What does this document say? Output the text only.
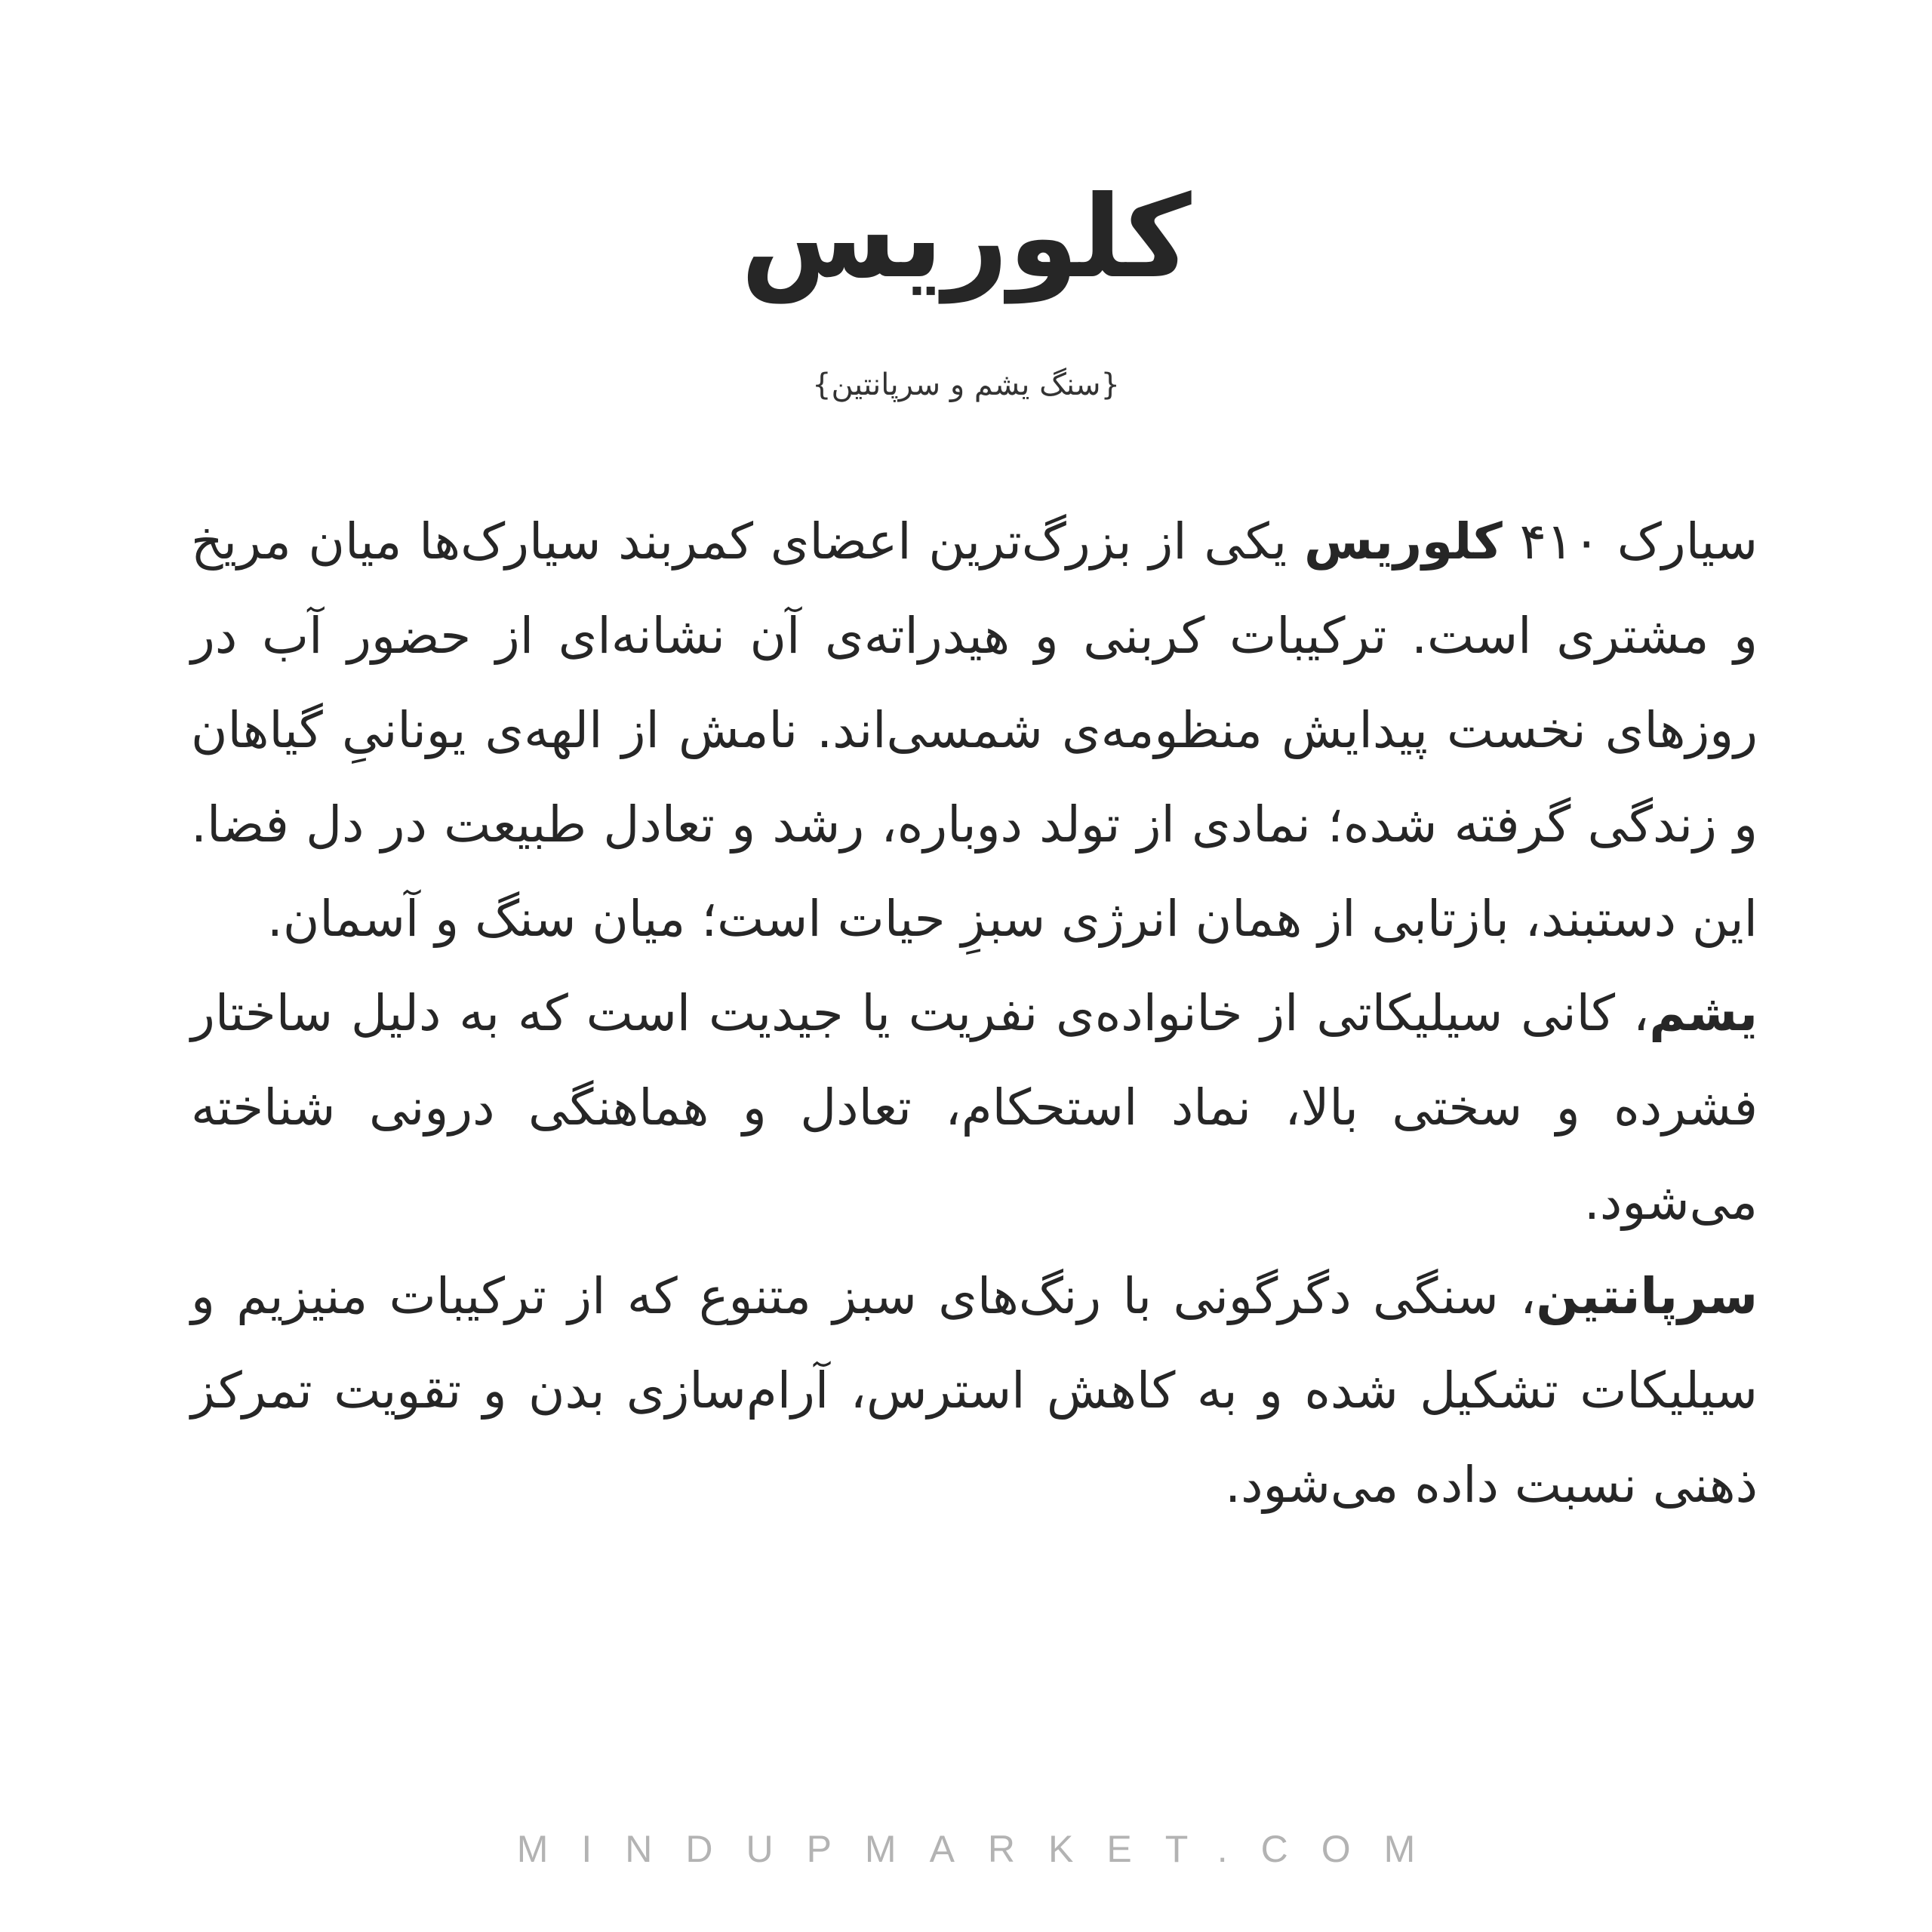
کلوریس
{سنگ یشم و سرپانتین}

سیارک ۴۱۰ کلوریس یکی از بزرگ‌ترین اعضای کمربند سیارک‌ها میان مریخ و مشتری است. ترکیبات کربنی و هیدراته‌ی آن نشانه‌ای از حضور آب در روزهای نخست پیدایش منظومه‌ی شمسی‌اند. نامش از الهه‌ی یونانیِ گیاهان و زندگی گرفته شده؛ نمادی از تولد دوباره، رشد و تعادل طبیعت در دل فضا. این دستبند، بازتابی از همان انرژی سبزِ حیات است؛ میان سنگ و آسمان.

یشم، کانی سیلیکاتی از خانواده‌ی نفریت یا جیدیت است که به دلیل ساختار فشرده و سختی بالا، نماد استحکام، تعادل و هماهنگی درونی شناخته می‌شود.

سرپانتین، سنگی دگرگونی با رنگ‌های سبز متنوع که از ترکیبات منیزیم و سیلیکات تشکیل شده و به کاهش استرس، آرام‌سازی بدن و تقویت تمرکز ذهنی نسبت داده می‌شود.

MINDUPMARKET.COM
